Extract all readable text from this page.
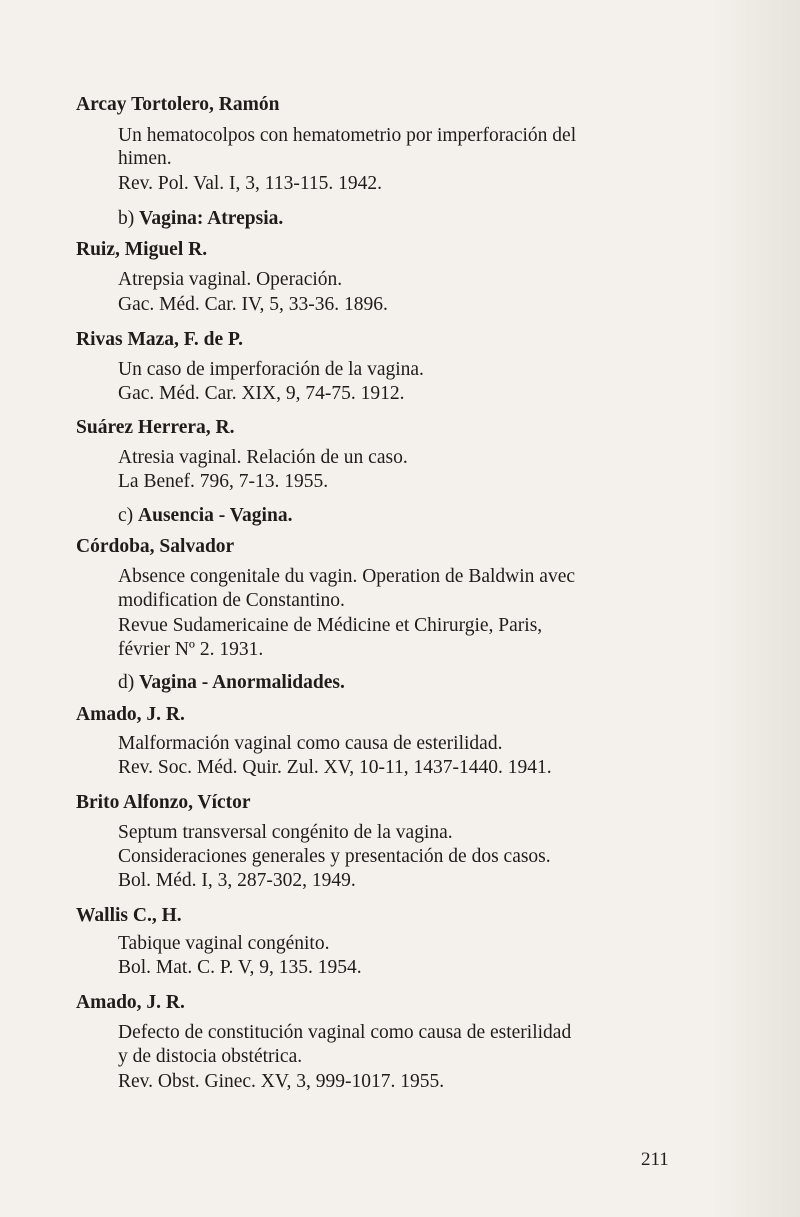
Arcay Tortolero, Ramón
Un hematocolpos con hematometrio por imperforación del
himen.
Rev. Pol. Val. I, 3, 113-115. 1942.
b) Vagina: Atrepsia.
Ruiz, Miguel R.
Atrepsia vaginal. Operación.
Gac. Méd. Car. IV, 5, 33-36. 1896.
Rivas Maza, F. de P.
Un caso de imperforación de la vagina.
Gac. Méd. Car. XIX, 9, 74-75. 1912.
Suárez Herrera, R.
Atresia vaginal. Relación de un caso.
La Benef. 796, 7-13. 1955.
c) Ausencia - Vagina.
Córdoba, Salvador
Absence congenitale du vagin. Operation de Baldwin avec
modification de Constantino.
Revue Sudamericaine de Médicine et Chirurgie, Paris,
février Nº 2. 1931.
d) Vagina - Anormalidades.
Amado, J. R.
Malformación vaginal como causa de esterilidad.
Rev. Soc. Méd. Quir. Zul. XV, 10-11, 1437-1440. 1941.
Brito Alfonzo, Víctor
Septum transversal congénito de la vagina.
Consideraciones generales y presentación de dos casos.
Bol. Méd. I, 3, 287-302, 1949.
Wallis C., H.
Tabique vaginal congénito.
Bol. Mat. C. P. V, 9, 135. 1954.
Amado, J. R.
Defecto de constitución vaginal como causa de esterilidad
y de distocia obstétrica.
Rev. Obst. Ginec. XV, 3, 999-1017. 1955.
211
